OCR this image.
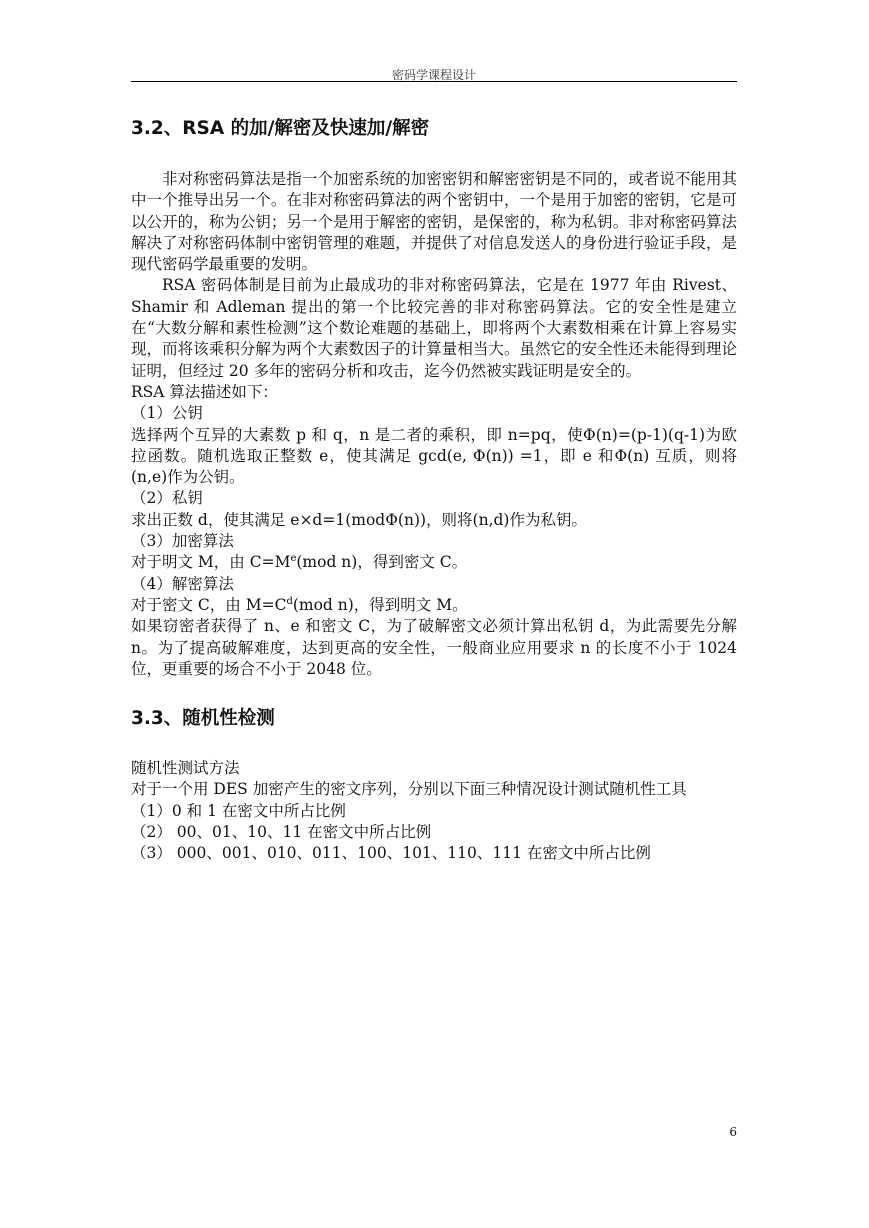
密码学课程设计
3.2、RSA 的加/解密及快速加/解密

非对称密码算法是指一个加密系统的加密密钥和解密密钥是不同的，或者说不能用其中一个推导出另一个。在非对称密码算法的两个密钥中，一个是用于加密的密钥，它是可以公开的，称为公钥；另一个是用于解密的密钥，是保密的，称为私钥。非对称密码算法解决了对称密码体制中密钥管理的难题，并提供了对信息发送人的身份进行验证手段，是现代密码学最重要的发明。

RSA 密码体制是目前为止最成功的非对称密码算法，它是在 1977 年由 Rivest、Shamir 和 Adleman 提出的第一个比较完善的非对称密码算法。它的安全性是建立在“大数分解和素性检测”这个数论难题的基础上，即将两个大素数相乘在计算上容易实现，而将该乘积分解为两个大素数因子的计算量相当大。虽然它的安全性还未能得到理论证明，但经过 20 多年的密码分析和攻击，迄今仍然被实践证明是安全的。

RSA 算法描述如下：

（1）公钥

选择两个互异的大素数 p 和 q，n 是二者的乘积，即 n=pq，使Φ(n)=(p-1)(q-1)为欧拉函数。随机选取正整数 e，使其满足 gcd(e, Φ(n)) =1，即 e 和Φ(n) 互质，则将(n,e)作为公钥。

（2）私钥

求出正数 d，使其满足 e×d=1(modΦ(n))，则将(n,d)作为私钥。

（3）加密算法

对于明文 M，由 $C=M^e(mod$ n)，得到密文 C。

（4）解密算法

对于密文 C，由 $M=C^d(mod$ n)，得到明文 M。

如果窃密者获得了 n、e 和密文 C，为了破解密文必须计算出私钥 d，为此需要先分解 n。为了提高破解难度，达到更高的安全性，一般商业应用要求 n 的长度不小于 1024 位，更重要的场合不小于 2048 位。

3.3、随机性检测

随机性测试方法

对于一个用 DES 加密产生的密文序列，分别以下面三种情况设计测试随机性工具

（1）0 和 1 在密文中所占比例

（2） 00、01、10、11 在密文中所占比例

（3） 000、001、010、011、100、101、110、111 在密文中所占比例

6
